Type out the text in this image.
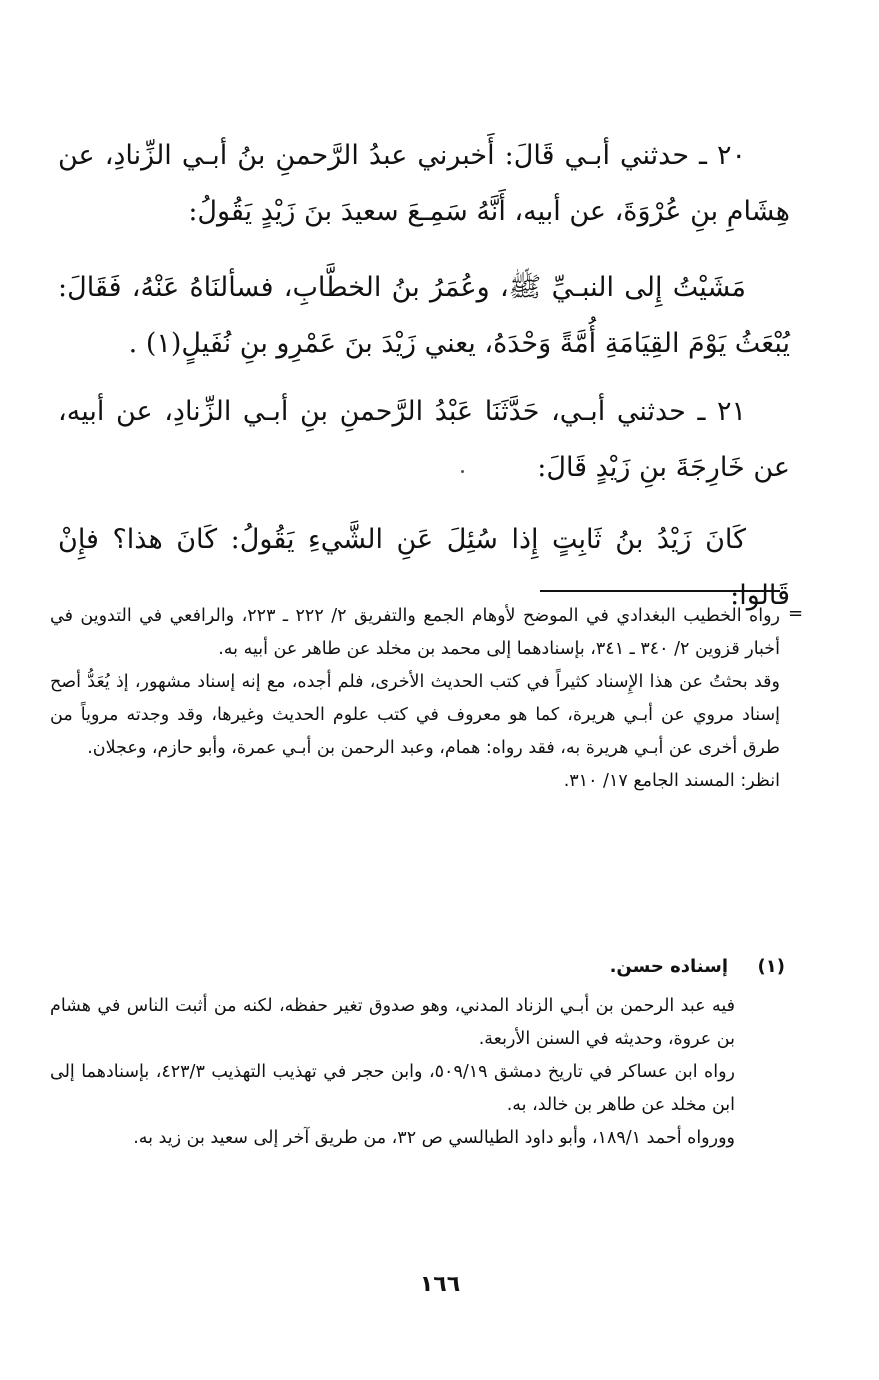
٢٠ ـ حدثني أبـي قَالَ: أَخبرني عبدُ الرَّحمنِ بنُ أبـي الزِّنادِ، عن هِشَامِ بنِ عُرْوَةَ، عن أبيه، أَنَّهُ سَمِـعَ سعيدَ بنَ زَيْدٍ يَقُولُ:

مَشَيْتُ إِلى النبـيِّ ﷺ، وعُمَرُ بنُ الخطَّابِ، فسألنَاهُ عَنْهُ، فَقَالَ: يُبْعَثُ يَوْمَ القِيَامَةِ أُمَّةً وَحْدَهُ، يعني زَيْدَ بنَ عَمْرِو بنِ نُفَيلٍ(١) .

٢١ ـ حدثني أبـي، حَدَّثَنَا عَبْدُ الرَّحمنِ بنِ أبـي الزِّنادِ، عن أبيه، عن خَارِجَةَ بنِ زَيْدٍ قَالَ:

كَانَ زَيْدُ بنُ ثَابِتٍ إِذا سُئِلَ عَنِ الشَّيءِ يَقُولُ: كَانَ هذا؟ فإِنْ قَالوا:

=
رواه الخطيب البغدادي في الموضح لأوهام الجمع والتفريق ٢/ ٢٢٢ ـ ٢٢٣، والرافعي في التدوين في أخبار قزوين ٢/ ٣٤٠ ـ ٣٤١، بإسنادهما إلى محمد بن مخلد عن طاهر عن أبيه به.
وقد بحثتُ عن هذا الإِسناد كثيراً في كتب الحديث الأخرى، فلم أجده، مع إنه إسناد مشهور، إذ يُعَدُّ أصح إسناد مروي عن أبـي هريرة، كما هو معروف في كتب علوم الحديث وغيرها، وقد وجدته مروياً من طرق أخرى عن أبـي هريرة به، فقد رواه: همام، وعبد الرحمن بن أبـي عمرة، وأبو حازم، وعجلان.
انظر: المسند الجامع ١٧/ ٣١٠.
(١)
إسناده حسن.
فيه عبد الرحمن بن أبـي الزناد المدني، وهو صدوق تغير حفظه، لكنه من أثبت الناس في هشام بن عروة، وحديثه في السنن الأربعة.
رواه ابن عساكر في تاريخ دمشق ٥٠٩/١٩، وابن حجر في تهذيب التهذيب ٤٢٣/٣، بإسنادهما إلى ابن مخلد عن طاهر بن خالد، به.
وورواه أحمد ١٨٩/١، وأبو داود الطيالسي ص ٣٢، من طريق آخر إلى سعيد بن زيد به.
١٦٦
